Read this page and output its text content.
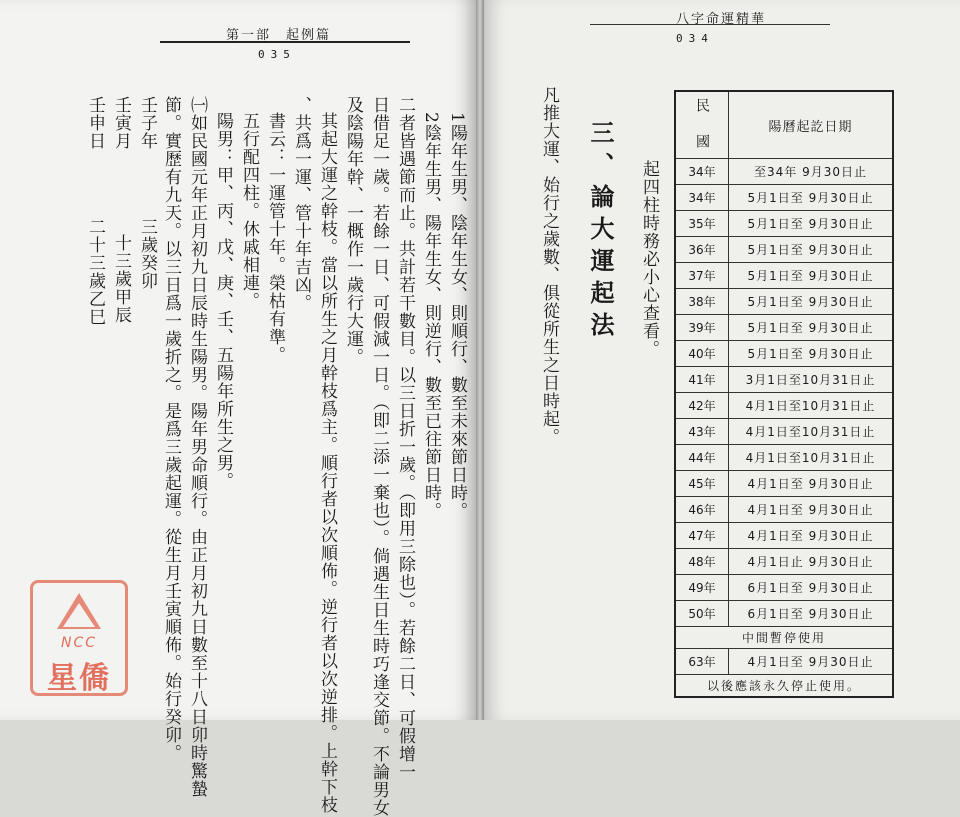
第一部　起例篇
035
八字命運精華
034
1陽年生男、陰年生女、則順行、數至未來節日時。
2陰年生男、陽年生女、則逆行、數至已往節日時。
二者皆遇節而止。共計若干數目。以三日折一歲。（即用三除也）。若餘二日、可假增一
日借足一歲。若餘一日、可假減一日。（即二添一棄也）。倘遇生日生時巧逢交節。不論男女
及陰陽年幹、一概作一歲行大運。
其起大運之幹枝。當以所生之月幹枝爲主。順行者以次順佈。逆行者以次逆排。上幹下枝
、共爲一運、管十年吉凶。
書云：一運管十年。榮枯有準。
五行配四柱。休戚相連。
陽男：甲、丙、戊、庚、壬、五陽年所生之男。
㈠如民國元年正月初九日辰時生陽男。陽年男命順行。由正月初九日數至十八日卯時驚蟄
節。實歷有九天。以三日爲一歲折之。是爲三歲起運。從生月壬寅順佈。始行癸卯。
三歲癸卯
壬子年
十三歲甲辰
壬寅月
二十三歲乙巳
壬申日	三、論大運起法 起四柱時務必小心查看。
凡推大運、始行之歲數、俱從所生之日時起。	民　國	陽曆起訖日期
34年	至34年 9月30日止
34年	5月1日至 9月30日止
35年	5月1日至 9月30日止
36年	5月1日至 9月30日止
37年	5月1日至 9月30日止
38年	5月1日至 9月30日止
39年	5月1日至 9月30日止
40年	5月1日至 9月30日止
41年	3月1日至10月31日止
42年	4月1日至10月31日止
43年	4月1日至10月31日止
44年	4月1日至10月31日止
45年	4月1日至 9月30日止
46年	4月1日至 9月30日止
47年	4月1日至 9月30日止
48年	4月1日止 9月30日止
49年	6月1日至 9月30日止
50年	6月1日至 9月30日止
中間暫停使用
63年	4月1日至 9月30日止
以後應該永久停止使用。
NCC
星僑
